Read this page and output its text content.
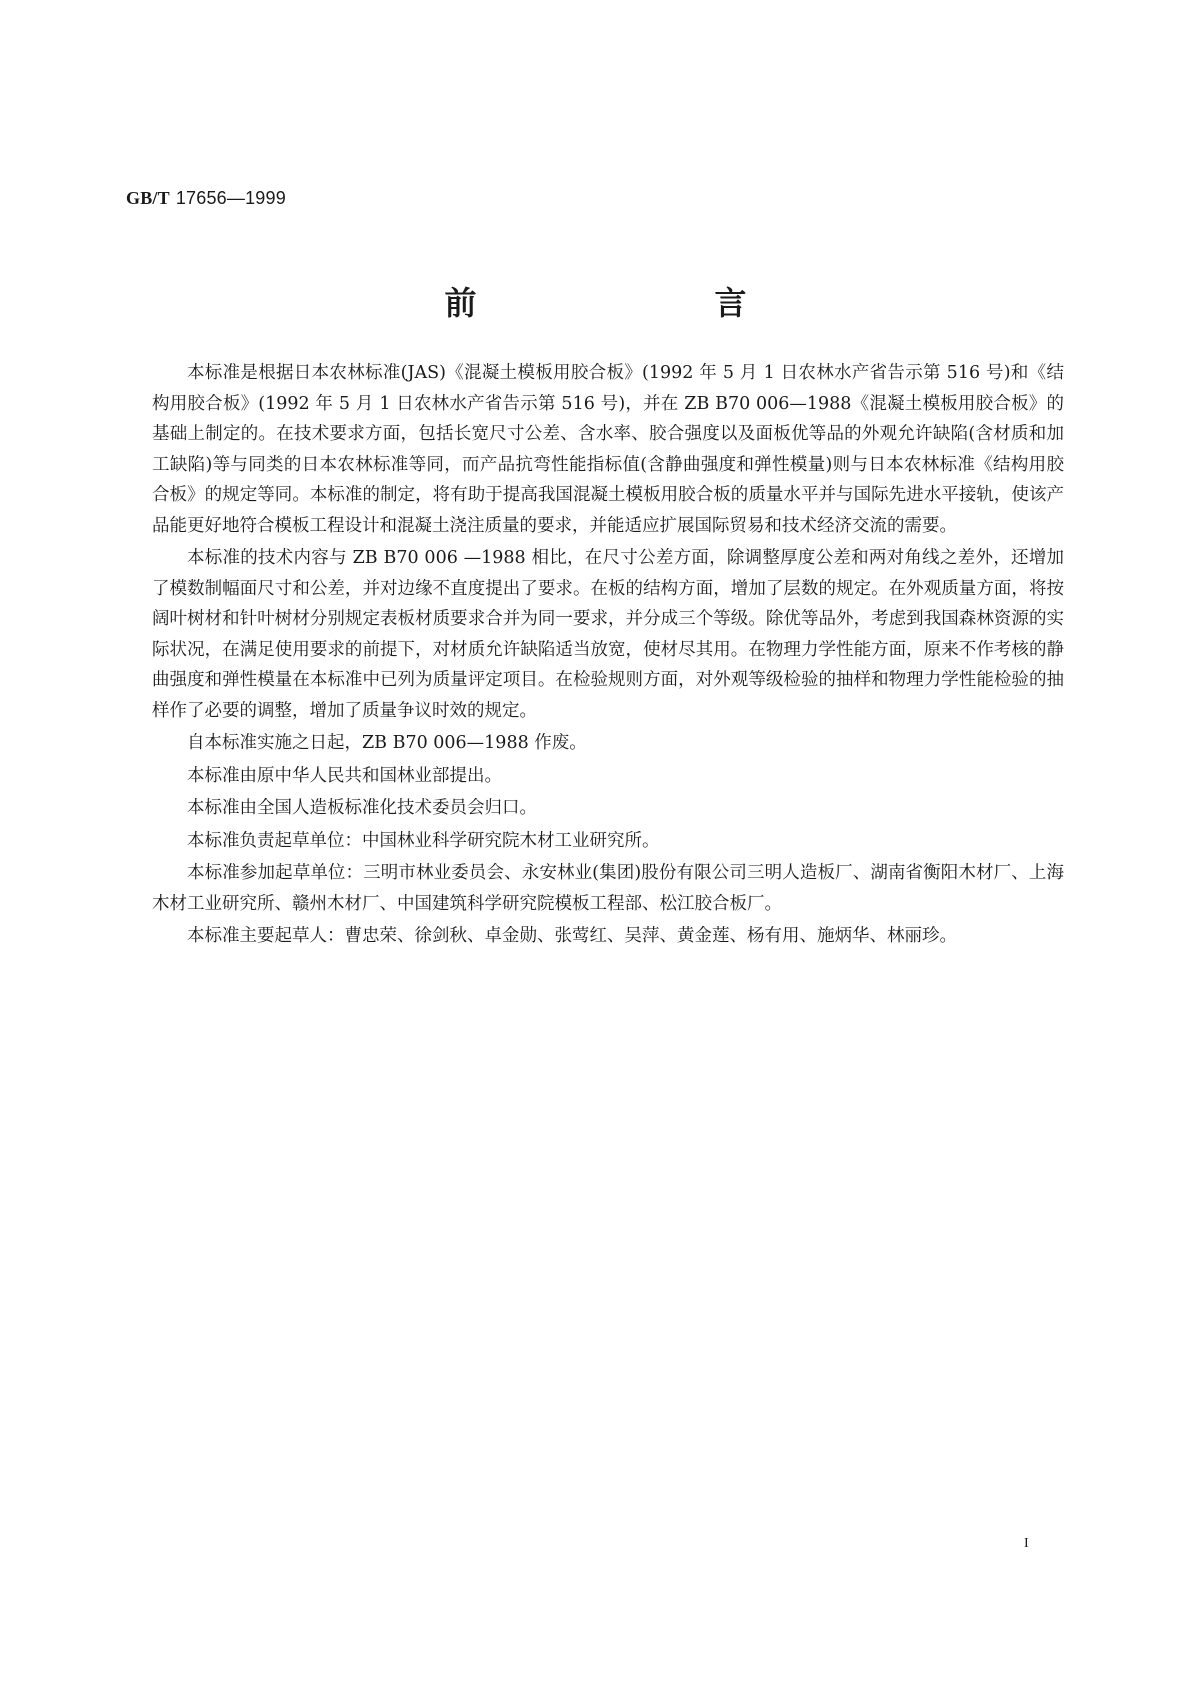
GB/T 17656—1999
前　　言

本标准是根据日本农林标准(JAS)《混凝土模板用胶合板》(1992 年 5 月 1 日农林水产省告示第 516 号)和《结构用胶合板》(1992 年 5 月 1 日农林水产省告示第 516 号)，并在 ZB B70 006—1988《混凝土模板用胶合板》的基础上制定的。在技术要求方面，包括长宽尺寸公差、含水率、胶合强度以及面板优等品的外观允许缺陷(含材质和加工缺陷)等与同类的日本农林标准等同，而产品抗弯性能指标值(含静曲强度和弹性模量)则与日本农林标准《结构用胶合板》的规定等同。本标准的制定，将有助于提高我国混凝土模板用胶合板的质量水平并与国际先进水平接轨，使该产品能更好地符合模板工程设计和混凝土浇注质量的要求，并能适应扩展国际贸易和技术经济交流的需要。

本标准的技术内容与 ZB B70 006 —1988 相比，在尺寸公差方面，除调整厚度公差和两对角线之差外，还增加了模数制幅面尺寸和公差，并对边缘不直度提出了要求。在板的结构方面，增加了层数的规定。在外观质量方面，将按阔叶树材和针叶树材分别规定表板材质要求合并为同一要求，并分成三个等级。除优等品外，考虑到我国森林资源的实际状况，在满足使用要求的前提下，对材质允许缺陷适当放宽，使材尽其用。在物理力学性能方面，原来不作考核的静曲强度和弹性模量在本标准中已列为质量评定项目。在检验规则方面，对外观等级检验的抽样和物理力学性能检验的抽样作了必要的调整，增加了质量争议时效的规定。

自本标准实施之日起，ZB B70 006—1988 作废。

本标准由原中华人民共和国林业部提出。

本标准由全国人造板标准化技术委员会归口。

本标准负责起草单位：中国林业科学研究院木材工业研究所。

本标准参加起草单位：三明市林业委员会、永安林业(集团)股份有限公司三明人造板厂、湖南省衡阳木材厂、上海木材工业研究所、赣州木材厂、中国建筑科学研究院模板工程部、松江胶合板厂。

本标准主要起草人：曹忠荣、徐剑秋、卓金勋、张莺红、吴萍、黄金莲、杨有用、施炳华、林丽珍。

I
